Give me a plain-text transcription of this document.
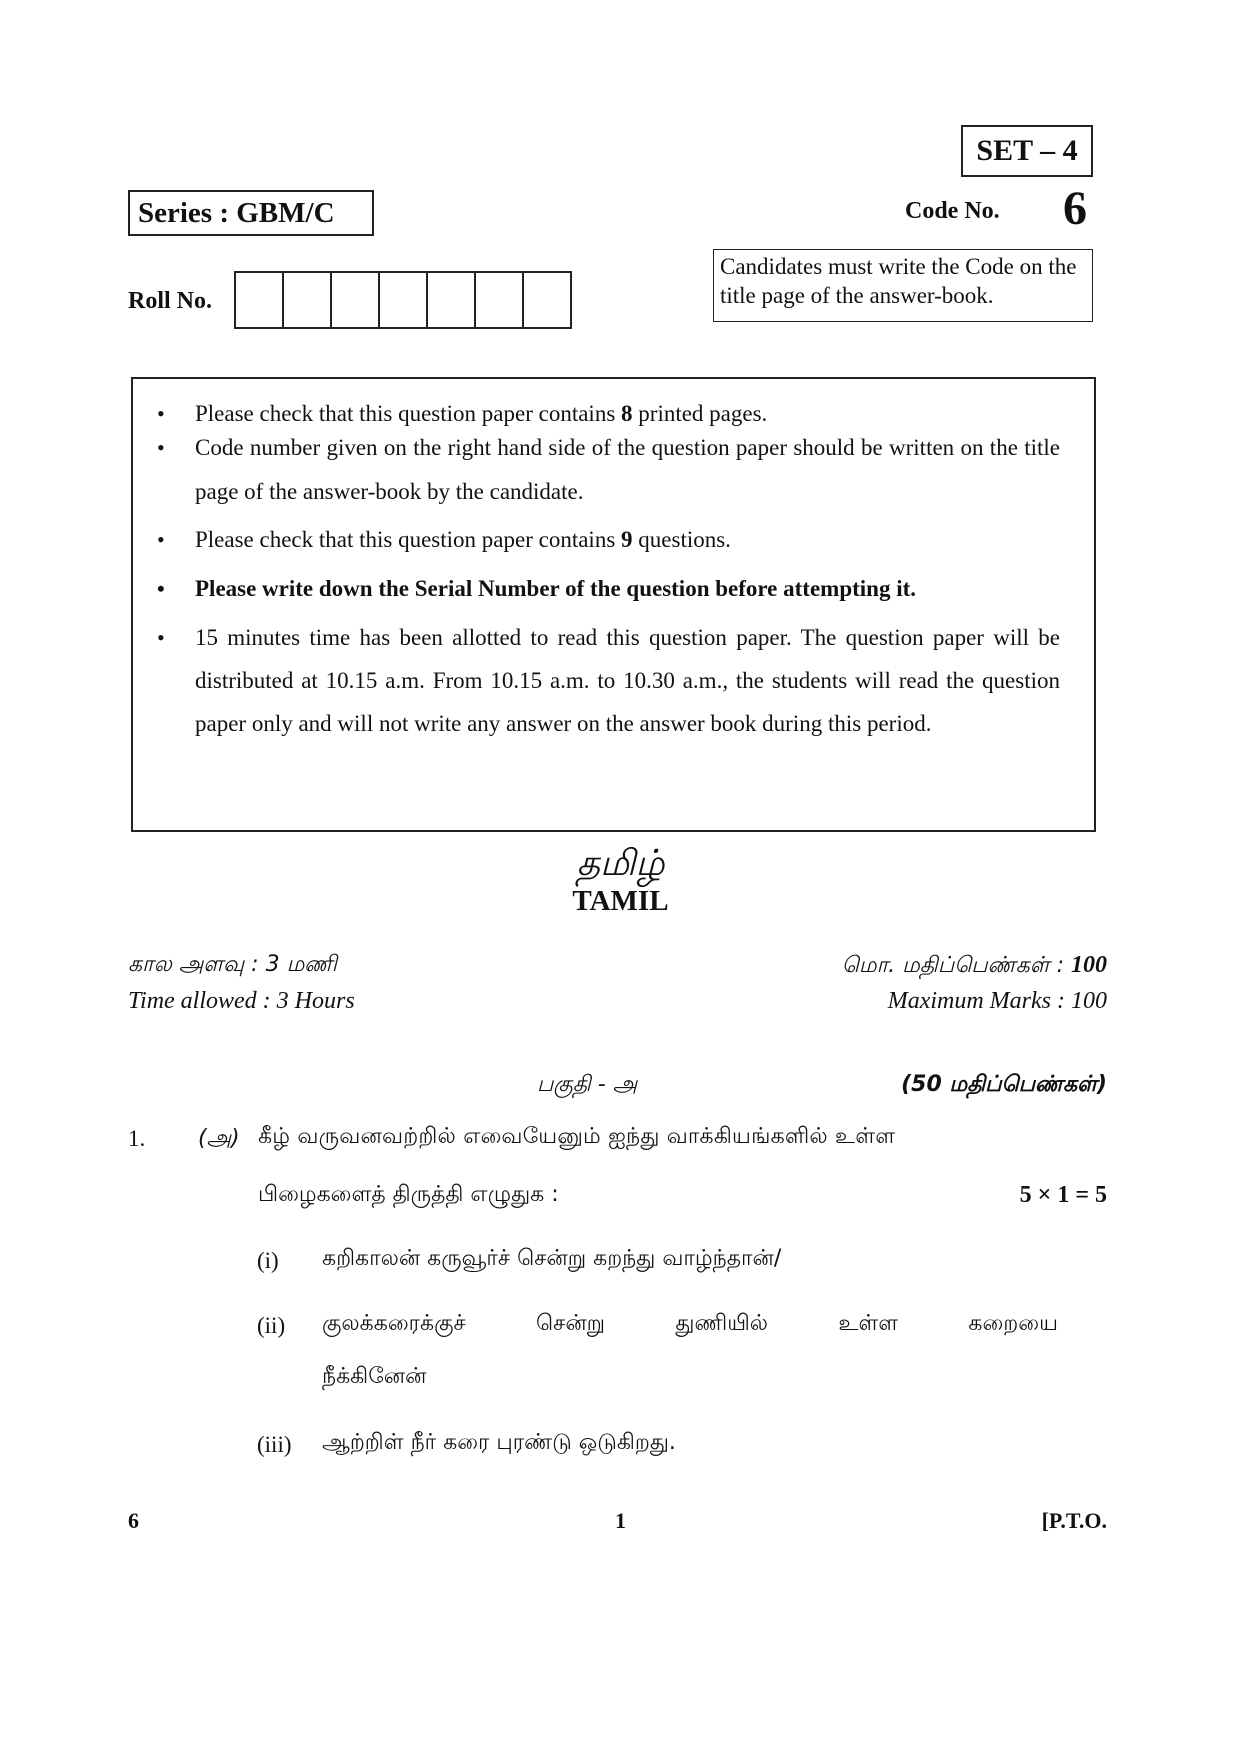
SET – 4
Series : GBM/C	Code No. 6
Roll No.
Candidates must write the Code on the title page of the answer-book.
• Please check that this question paper contains 8 printed pages.
• Code number given on the right hand side of the question paper should be written on the title page of the answer-book by the candidate.
• Please check that this question paper contains 9 questions.
• Please write down the Serial Number of the question before attempting it.
• 15 minutes time has been allotted to read this question paper. The question paper will be distributed at 10.15 a.m. From 10.15 a.m. to 10.30 a.m., the students will read the question paper only and will not write any answer on the answer book during this period.
தமிழ்
TAMIL
கால அளவு : 3 மணி
Time allowed : 3 Hours
மொ. மதிப்பெண்கள் : 100
Maximum Marks : 100
பகுதி - அ	(50 மதிப்பெண்கள்)
1. (அ) கீழ் வருவனவற்றில் எவையேனும் ஐந்து வாக்கியங்களில் உள்ள
பிழைகளைத் திருத்தி எழுதுக :	5 × 1 = 5
(i) கறிகாலன் கருவூர்ச் சென்று கறந்து வாழ்ந்தான்/
(ii) குலக்கரைக்குச்	சென்று	துணியில்	உள்ள	கறையை
நீக்கினேன்
(iii) ஆற்றிள் நீர் கரை புரண்டு ஒடுகிறது.
6	1	[P.T.O.
